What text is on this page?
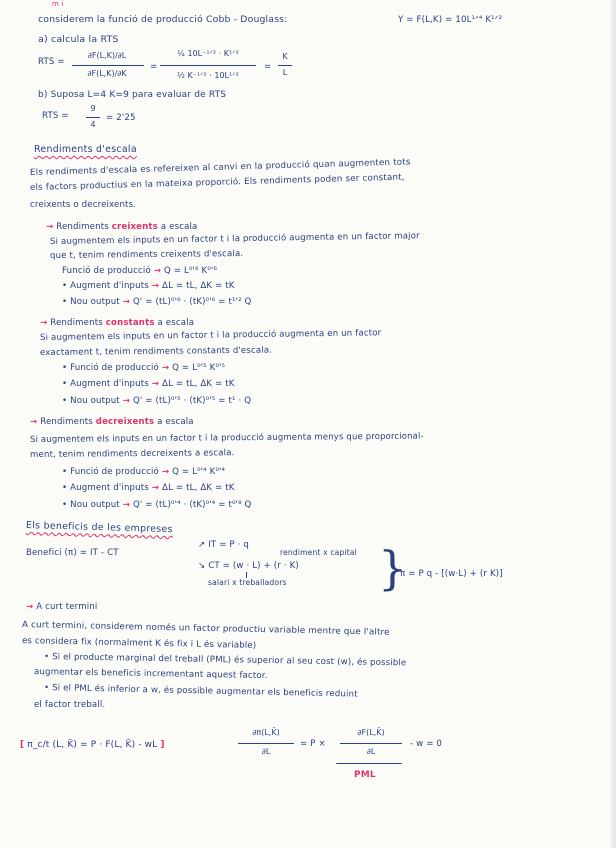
m i
considerem la funció de producció Cobb - Douglass:	Y = F(L,K) = 10L¹ᐟ⁴ K¹ᐟ²
a) calcula la RTS
RTS =
∂F(L,K)/∂L
∂F(L,K)/∂K
=
¼ 10L⁻¹ᐟ² · K¹ᐟ²
½ K⁻¹ᐟ² · 10L¹ᐟ²
=
K
L
b) Suposa L=4 K=9 para evaluar de RTS
RTS =
9
4
= 2'25
Rendiments d'escala
Els rendiments d'escala es refereixen al canvi en la producció quan augmenten tots
els factors productius en la mateixa proporció. Els rendiments poden ser constant,
creixents o decreixents.
→ Rendiments creixents a escala
Si augmentem els inputs en un factor t i la producció augmenta en un factor major
que t, tenim rendiments creixents d'escala.
Funció de producció → Q = L⁰'⁶ K⁰'⁶
• Augment d'inputs → ΔL = tL, ΔK = tK
• Nou output → Q' = (tL)⁰'⁶ · (tK)⁰'⁶ = t¹'² Q
→ Rendiments constants a escala
Si augmentem els inputs en un factor t i la producció augmenta en un factor
exactament t, tenim rendiments constants d'escala.
• Funció de producció → Q = L⁰'⁵ K⁰'⁵
• Augment d'inputs → ΔL = tL, ΔK = tK
• Nou output → Q' = (tL)⁰'⁵ · (tK)⁰'⁵ = t¹ · Q
→ Rendiments decreixents a escala
Si augmentem els inputs en un factor t i la producció augmenta menys que proporcional-
ment, tenim rendiments decreixents a escala.
• Funció de producció → Q = L⁰'⁴ K⁰'⁴
• Augment d'inputs → ΔL = tL, ΔK = tK
• Nou output → Q' = (tL)⁰'⁴ · (tK)⁰'⁴ = t⁰'⁸ Q
Els beneficis de les empreses
Benefici (π) = IT - CT
↗ IT = P · q
↘ CT = (w · L) + (r · K)
rendiment x capital
salari x treballadors }
π = P q - [(w·L) + (r K)]
→ A curt termini
A curt termini, considerem només un factor productiu variable mentre que l'altre
es considera fix (normalment K és fix i L és variable)
• Si el producte marginal del treball (PML) és superior al seu cost (w), és possible
augmentar els beneficis incrementant aquest factor.
• Si el PML és inferior a w, és possible augmentar els beneficis reduint
el factor treball.
[ π_c/t (L, K̄) = P · F(L, K̄) - wL ]
∂π(L,K̄)
∂L
= P ×
∂F(L,K̄)
∂L
- w = 0
PML
